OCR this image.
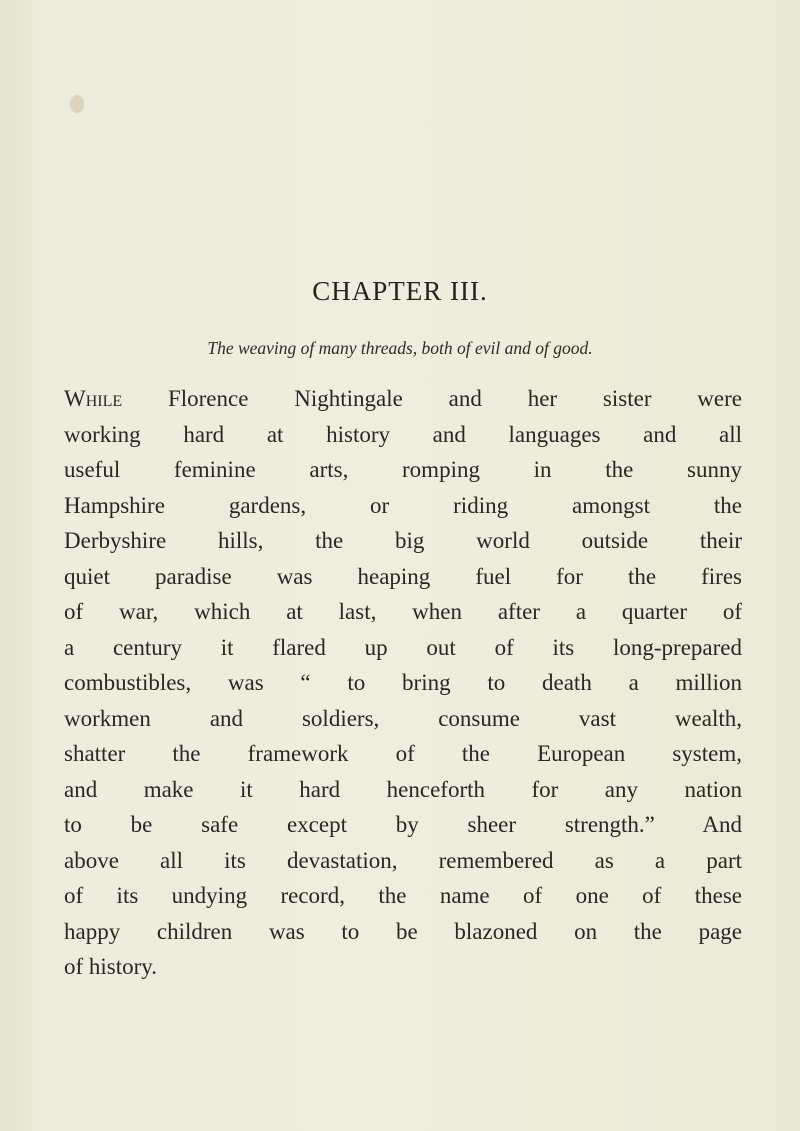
CHAPTER III.
The weaving of many threads, both of evil and of good.
While Florence Nightingale and her sister were
working hard at history and languages and all
useful feminine arts, romping in the sunny
Hampshire gardens, or riding amongst the
Derbyshire hills, the big world outside their
quiet paradise was heaping fuel for the fires
of war, which at last, when after a quarter of
a century it flared up out of its long-prepared
combustibles, was “ to bring to death a million
workmen and soldiers, consume vast wealth,
shatter the framework of the European system,
and make it hard henceforth for any nation
to be safe except by sheer strength.” And
above all its devastation, remembered as a part
of its undying record, the name of one of these
happy children was to be blazoned on the page
of history.
